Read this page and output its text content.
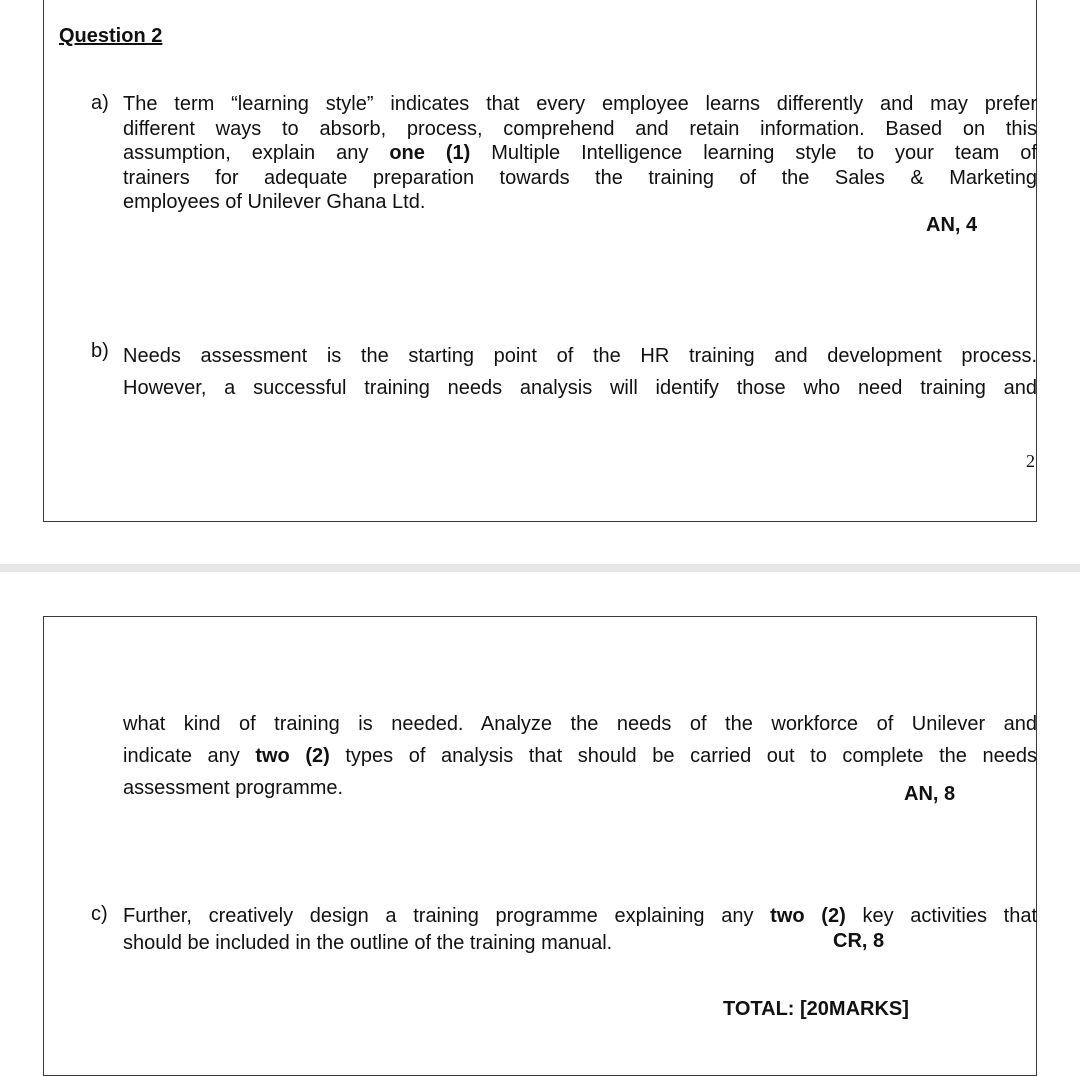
Question 2
a) The term “learning style” indicates that every employee learns differently and may prefer
different ways to absorb, process, comprehend and retain information. Based on this
assumption, explain any one (1) Multiple Intelligence learning style to your team of
trainers for adequate preparation towards the training of the Sales & Marketing
employees of Unilever Ghana Ltd.
AN, 4
b) Needs assessment is the starting point of the HR training and development process.
However, a successful training needs analysis will identify those who need training and
2
what kind of training is needed. Analyze the needs of the workforce of Unilever and
indicate any two (2) types of analysis that should be carried out to complete the needs
assessment programme.	AN, 8
c) Further, creatively design a training programme explaining any two (2) key activities that
should be included in the outline of the training manual.	CR, 8
TOTAL: [20MARKS]
